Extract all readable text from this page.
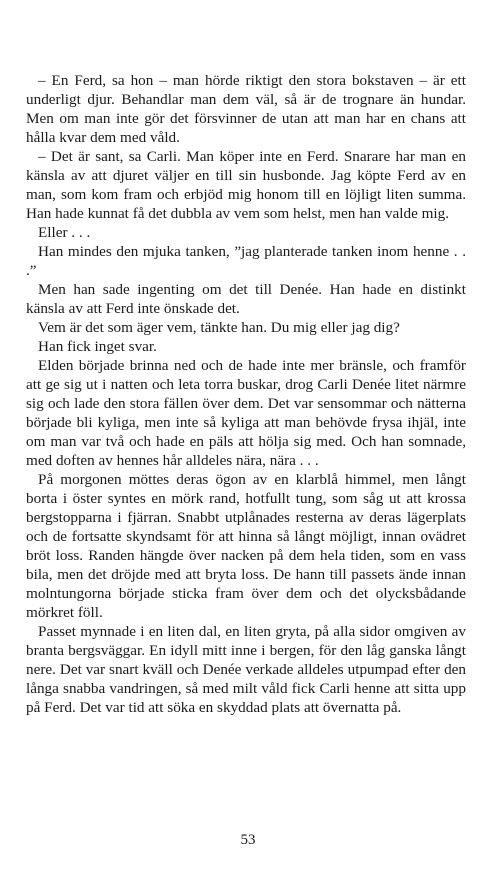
– En Ferd, sa hon – man hörde riktigt den stora bokstaven – är ett underligt djur. Behandlar man dem väl, så är de trognare än hundar. Men om man inte gör det försvinner de utan att man har en chans att hålla kvar dem med våld.

– Det är sant, sa Carli. Man köper inte en Ferd. Snarare har man en känsla av att djuret väljer en till sin husbonde. Jag köpte Ferd av en man, som kom fram och erbjöd mig honom till en löjligt liten summa. Han hade kunnat få det dubbla av vem som helst, men han valde mig.

Eller . . .

Han mindes den mjuka tanken, ”jag planterade tanken inom henne . . .”

Men han sade ingenting om det till Denée. Han hade en distinkt känsla av att Ferd inte önskade det.

Vem är det som äger vem, tänkte han. Du mig eller jag dig?

Han fick inget svar.

Elden började brinna ned och de hade inte mer bränsle, och framför att ge sig ut i natten och leta torra buskar, drog Carli Denée litet närmre sig och lade den stora fällen över dem. Det var sensommar och nätterna började bli kyliga, men inte så kyliga att man behövde frysa ihjäl, inte om man var två och hade en päls att hölja sig med. Och han somnade, med doften av hennes hår alldeles nära, nära . . .

På morgonen möttes deras ögon av en klarblå himmel, men långt borta i öster syntes en mörk rand, hotfullt tung, som såg ut att krossa bergstopparna i fjärran. Snabbt utplånades resterna av deras lägerplats och de fortsatte skyndsamt för att hinna så långt möjligt, innan ovädret bröt loss. Randen hängde över nacken på dem hela tiden, som en vass bila, men det dröjde med att bryta loss. De hann till passets ände innan molntungorna började sticka fram över dem och det olycksbådande mörkret föll.

Passet mynnade i en liten dal, en liten gryta, på alla sidor omgiven av branta bergsväggar. En idyll mitt inne i bergen, för den låg ganska långt nere. Det var snart kväll och Denée verkade alldeles utpumpad efter den långa snabba vandringen, så med milt våld fick Carli henne att sitta upp på Ferd. Det var tid att söka en skyddad plats att övernatta på.

53
